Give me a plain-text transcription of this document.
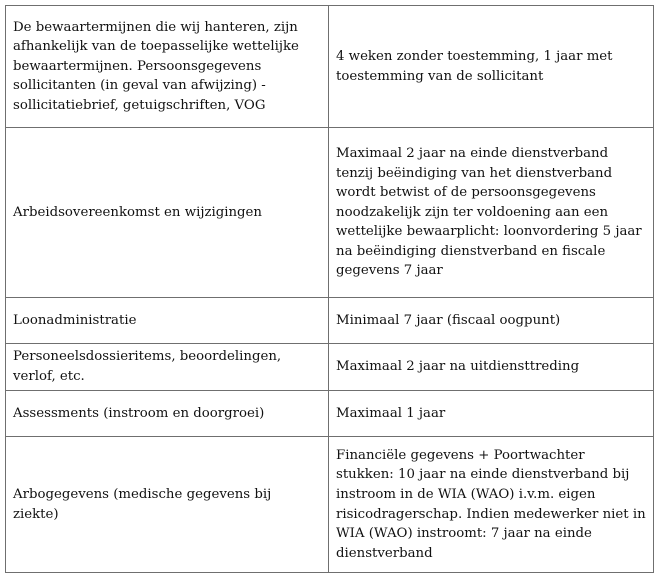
De bewaartermijnen die wij hanteren, zijn afhankelijk van de toepasselijke wettelijke bewaartermijnen. Persoonsgegevens sollicitanten (in geval van afwijzing) - sollicitatiebrief, getuigschriften, VOG	4 weken zonder toestemming, 1 jaar met toestemming van de sollicitant
Arbeidsovereenkomst en wijzigingen	Maximaal 2 jaar na einde dienstverband tenzij beëindiging van het dienstverband wordt betwist of de persoonsgegevens noodzakelijk zijn ter voldoening aan een wettelijke bewaarplicht: loonvordering 5 jaar na beëindiging dienstverband en fiscale gegevens 7 jaar
Loonadministratie	Minimaal 7 jaar (fiscaal oogpunt)
Personeelsdossieritems, beoordelingen, verlof, etc.	Maximaal 2 jaar na uitdiensttreding
Assessments (instroom en doorgroei)	Maximaal 1 jaar
Arbogegevens (medische gegevens bij ziekte)	Financiële gegevens + Poortwachter stukken: 10 jaar na einde dienstverband bij instroom in de WIA (WAO) i.v.m. eigen risicodragerschap. Indien medewerker niet in WIA (WAO) instroomt: 7 jaar na einde dienstverband
